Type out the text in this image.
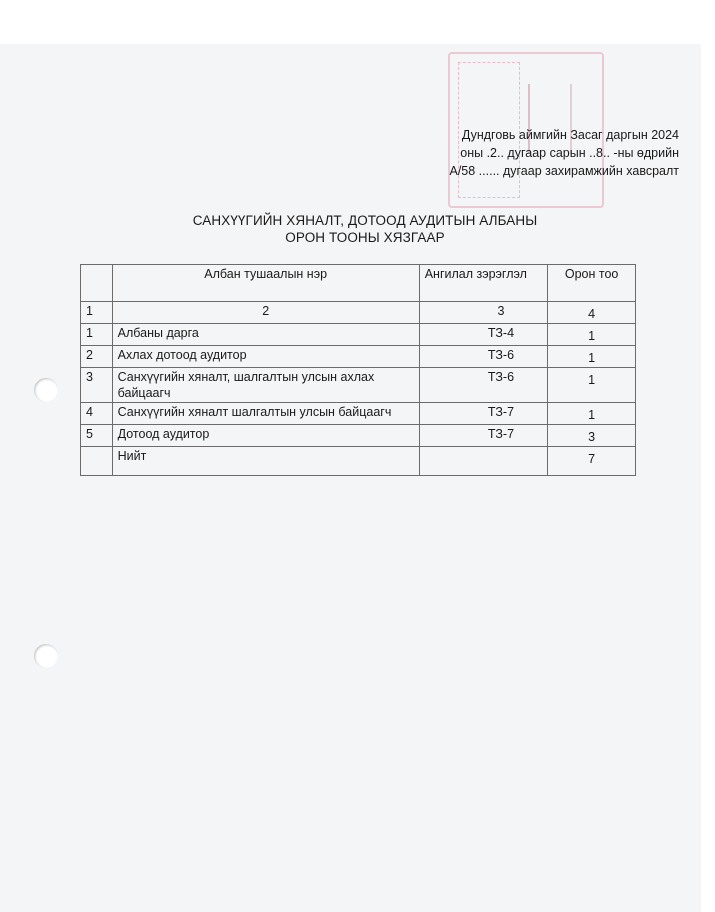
Дундговь аймгийн Засаг даргын 2024
оны .2.. дугаар сарын ..8.. -ны өдрийн
А/58 ...... дугаар захирамжийн хавсралт
САНХҮҮГИЙН ХЯНАЛТ, ДОТООД АУДИТЫН АЛБАНЫ
ОРОН ТООНЫ ХЯЗГААР
	Албан тушаалын нэр	Ангилал зэрэглэл	Орон тоо
1	2	3	4
1	Албаны дарга	ТЗ-4	1
2	Ахлах дотоод аудитор	ТЗ-6	1
3	Санхүүгийн хяналт, шалгалтын улсын ахлах байцаагч	ТЗ-6	1
4	Санхүүгийн хяналт шалгалтын улсын байцаагч	ТЗ-7	1
5	Дотоод аудитор	ТЗ-7	3
	Нийт		7
